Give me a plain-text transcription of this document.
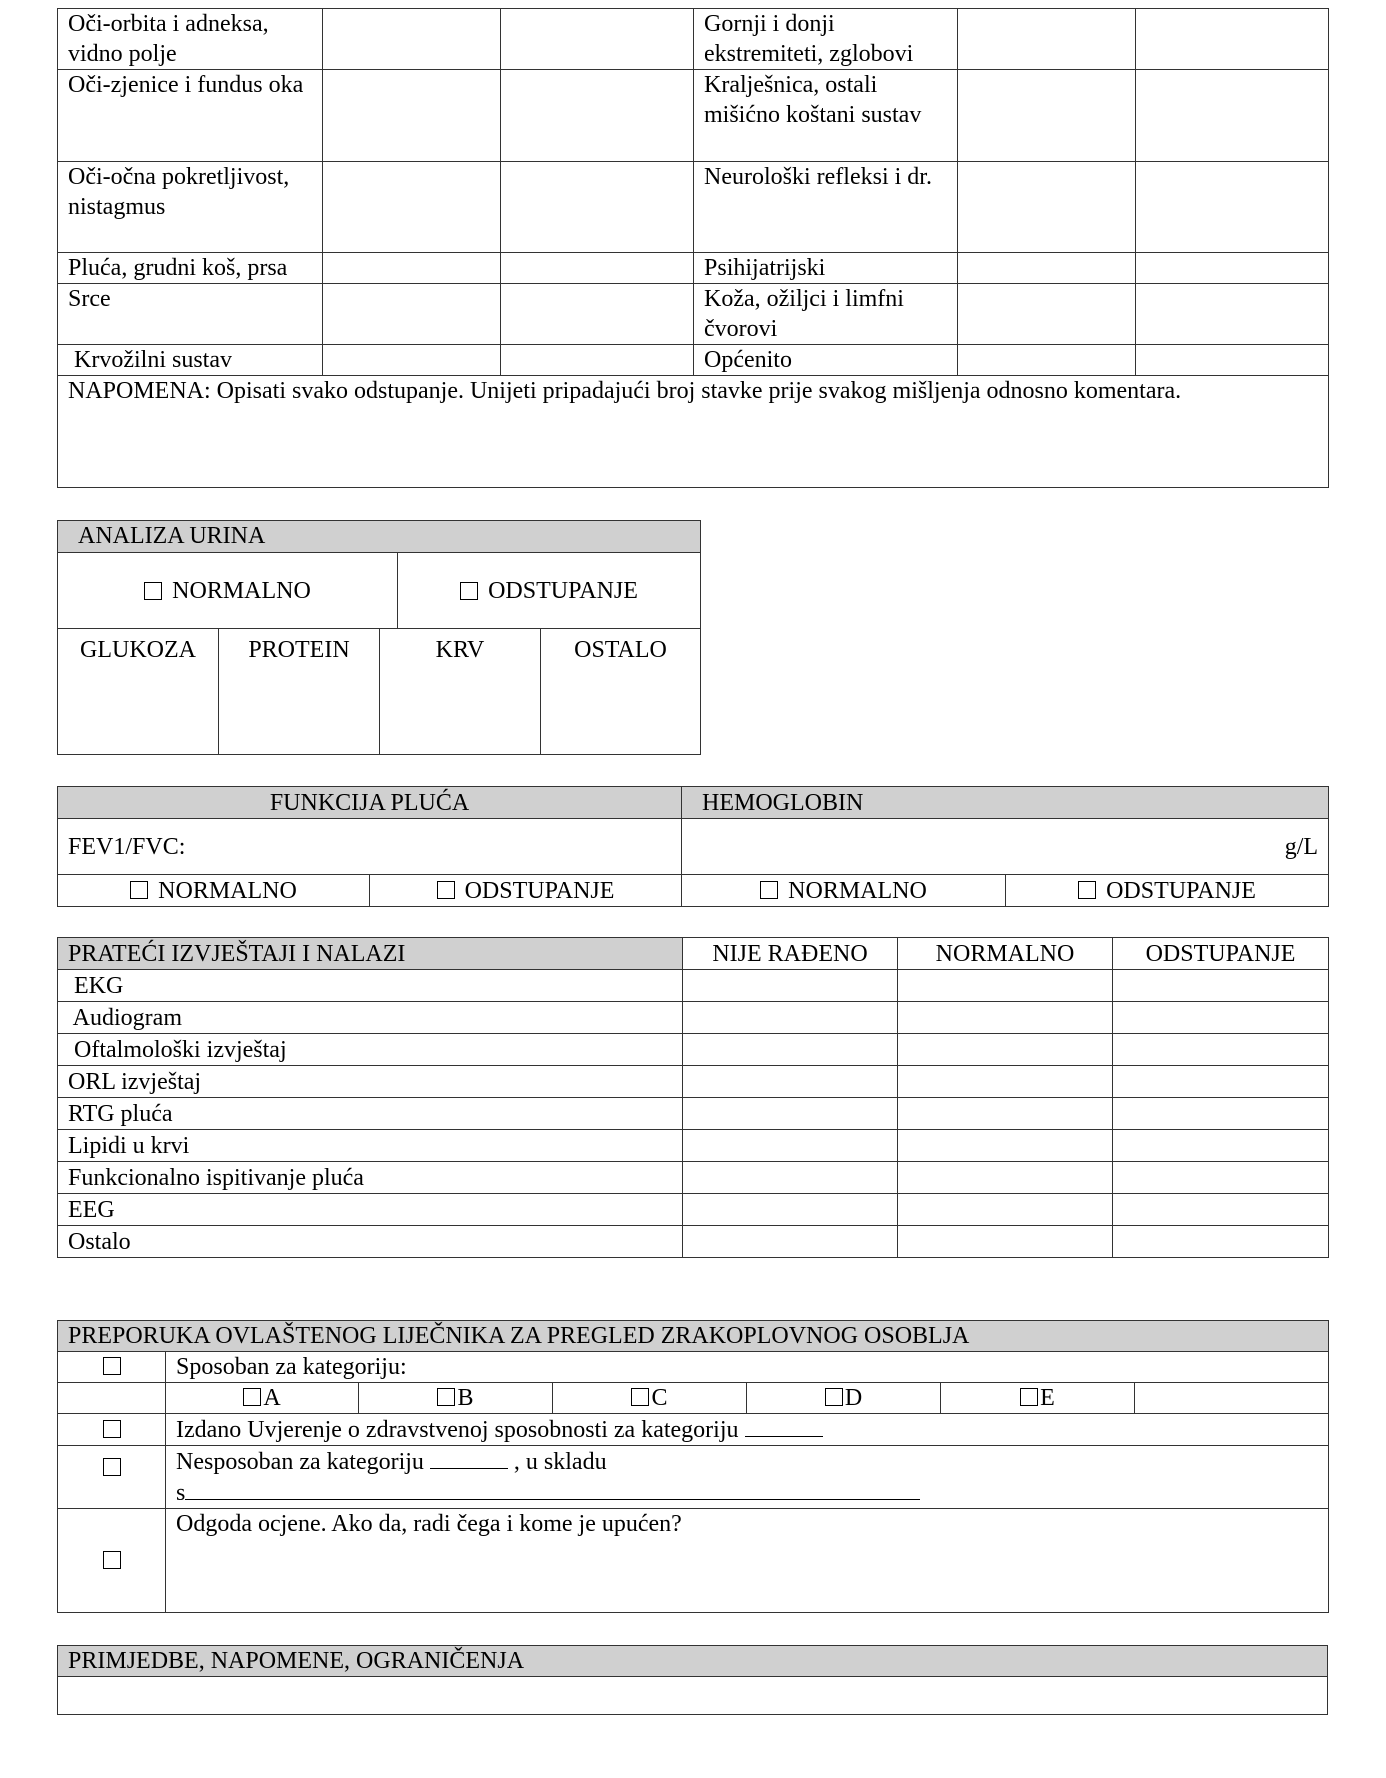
Oči-orbita i adneksa, vidno polje			Gornji i donji ekstremiteti, zglobovi		
Oči-zjenice i fundus oka			Kralješnica, ostali mišićno koštani sustav		
Oči-očna pokretljivost, nistagmus			Neurološki refleksi i dr.		
Pluća, grudni koš, prsa			Psihijatrijski		
Srce			Koža, ožiljci i limfni čvorovi		
Krvožilni sustav			Općenito		
NAPOMENA: Opisati svako odstupanje. Unijeti pripadajući broj stavke prije svakog mišljenja odnosno komentara.					
ANALIZA URINA

NORMALNO	ODSTUPANJE

GLUKOZA	PROTEIN	KRV	OSTALO
FUNKCIJA PLUĆA		HEMOGLOBIN	
FEV1/FVC:		g/L	
NORMALNO	ODSTUPANJE	NORMALNO	ODSTUPANJE
PRATEĆI IZVJEŠTAJI I NALAZI	NIJE RAĐENO	NORMALNO	ODSTUPANJE
EKG			
Audiogram			
Oftalmološki izvještaj			
ORL izvještaj			
RTG pluća			
Lipidi u krvi			
Funkcionalno ispitivanje pluća			
EEG			
Ostalo			
PREPORUKA OVLAŠTENOG LIJEČNIKA ZA PREGLED ZRAKOPLOVNOG OSOBLJA						
	Sposoban za kategoriju:					
	A	B	C	D	E	
	Izdano Uvjerenje o zdravstvenoj sposobnosti za kategoriju					
	Nesposoban za kategoriju , u skladu
s					
	Odgoda ocjene. Ako da, radi čega i kome je upućen?					
PRIMJEDBE, NAPOMENE, OGRANIČENJA
